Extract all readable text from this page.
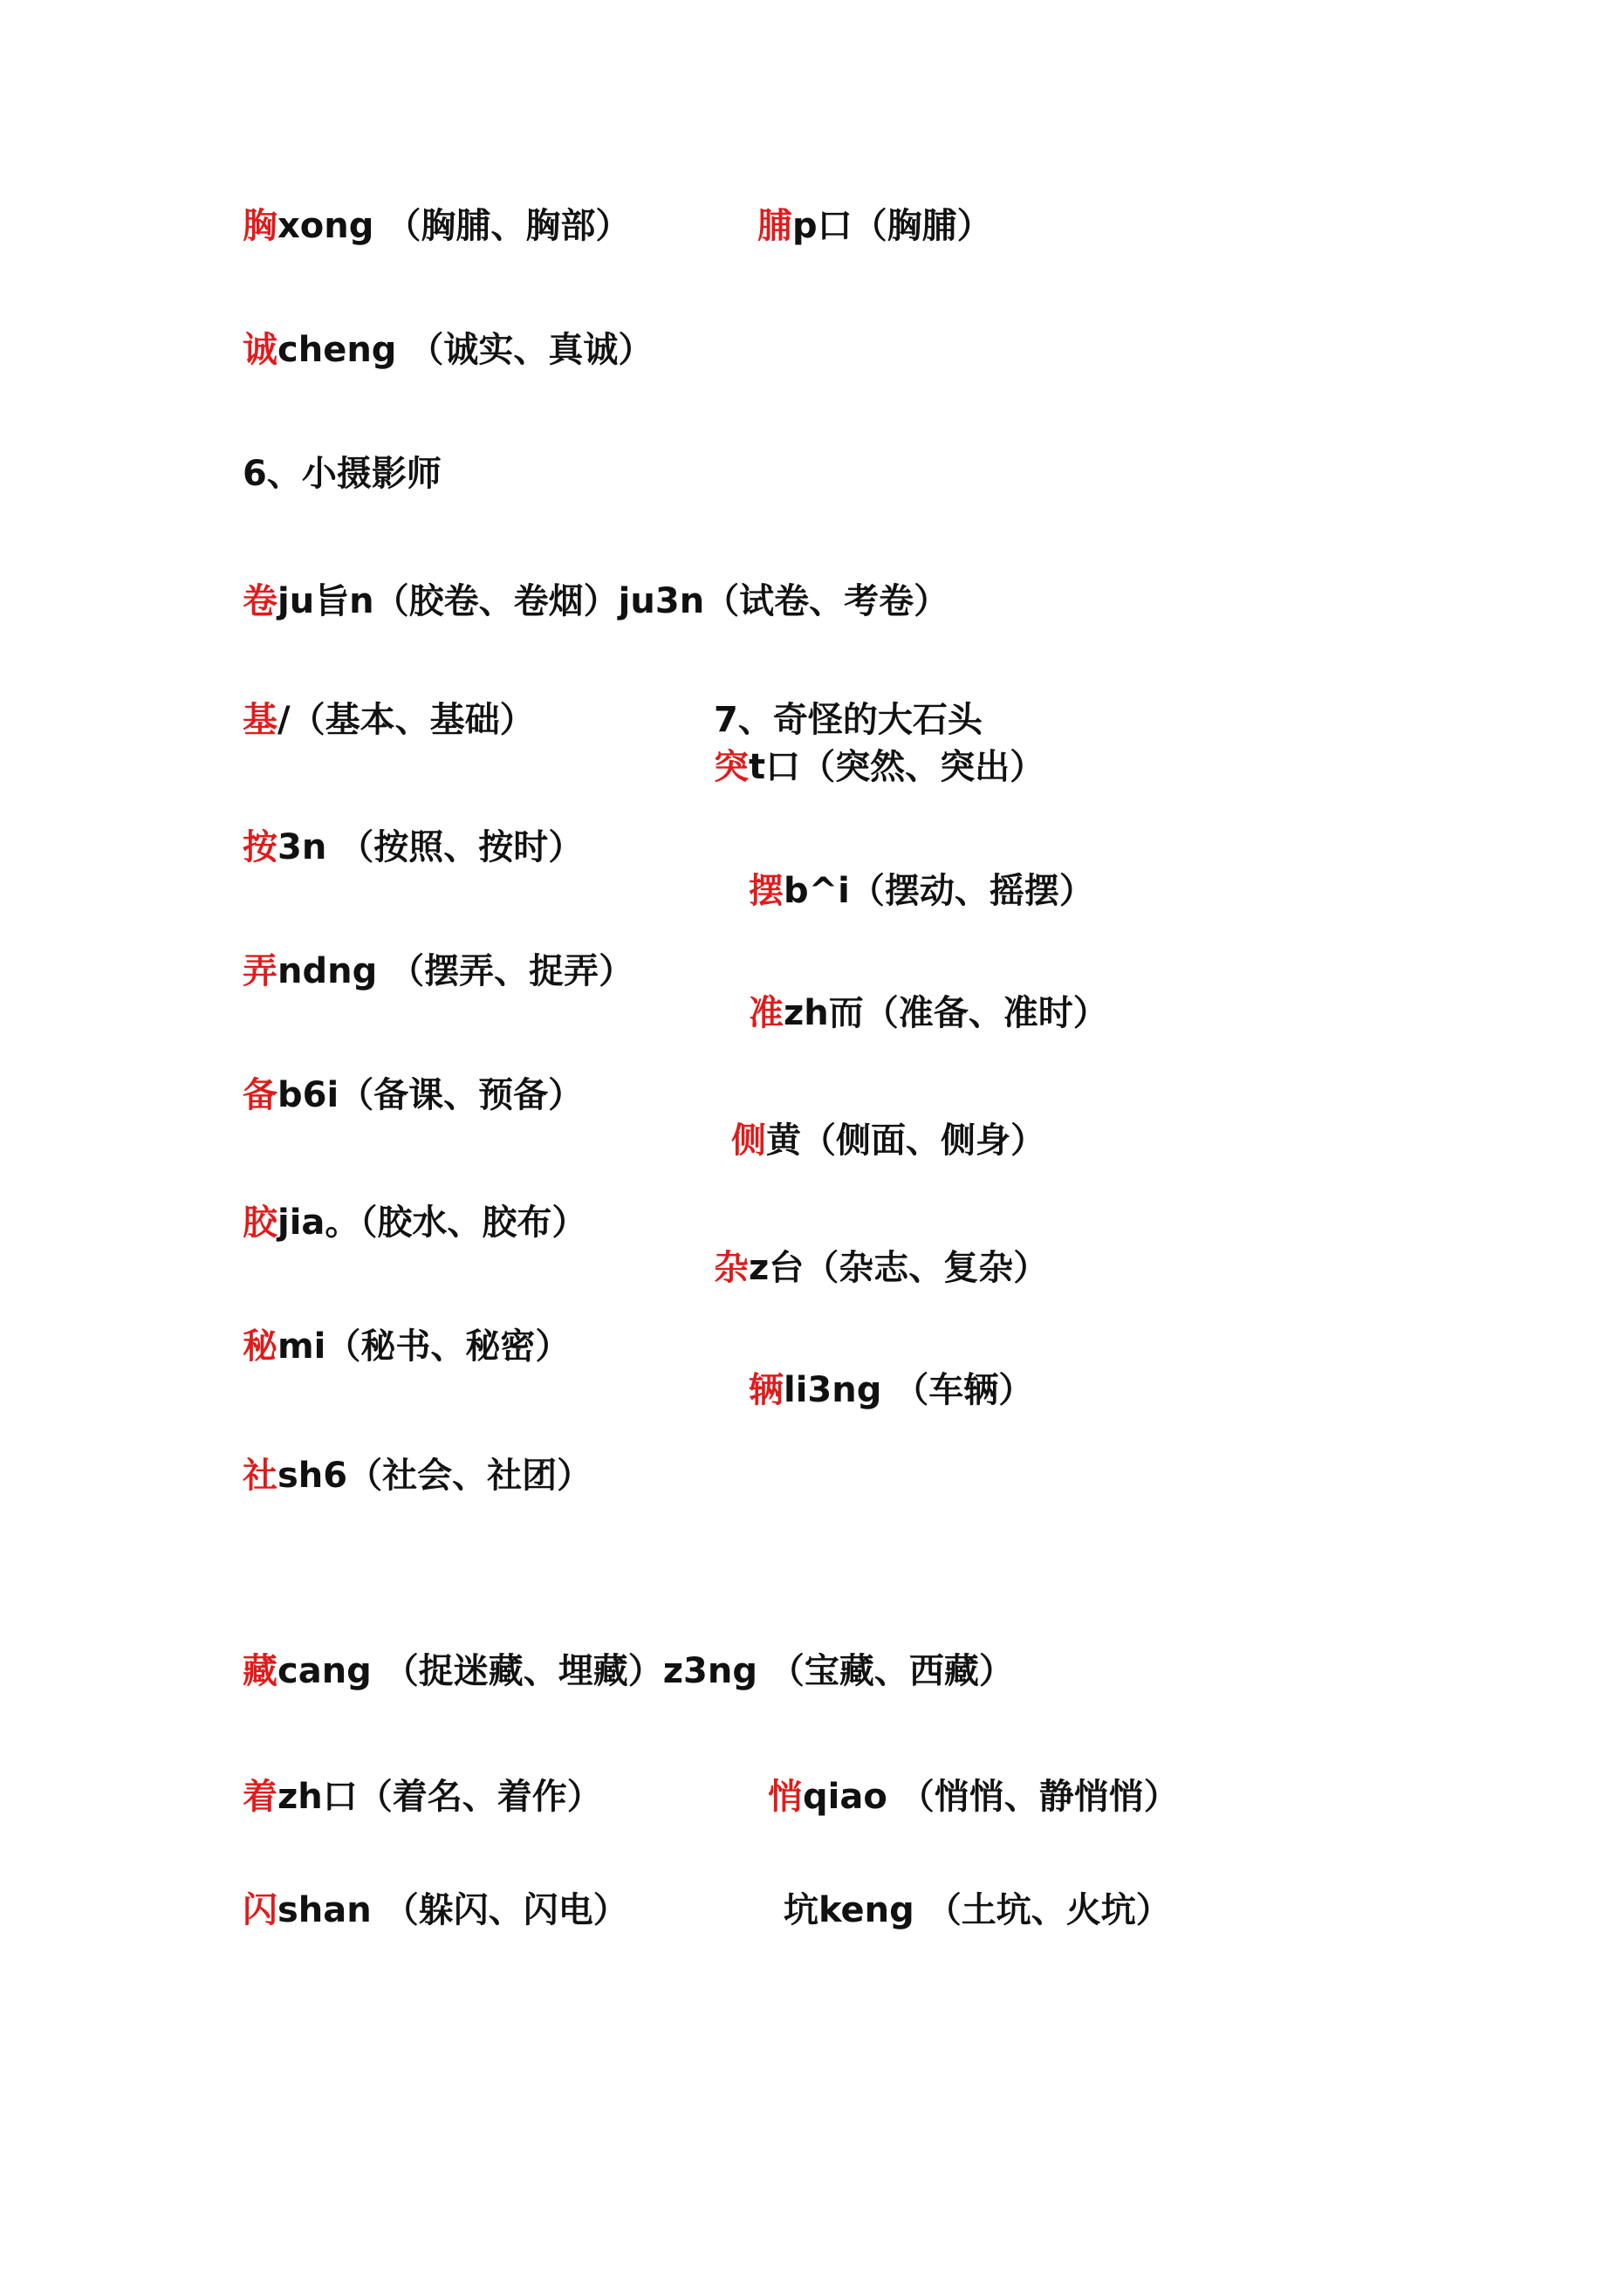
胸xong （胸脯、胸部）	脯p口（胸脯）
诚cheng （诚实、真诚）
6、小摄影师
卷ju旨n（胶卷、卷烟）ju3n（试卷、考卷）
基/（基本、基础）	7、奇怪的大石头
突t口（突然、突出）
按3n （按照、按时）
摆b^i（摆动、摇摆）
弄ndng （摆弄、捉弄）
准zh而（准备、准时）
备b6i（备课、预备）
侧黄（侧面、侧身）
胶jia。（胶水、胶布）
杂z台（杂志、复杂）
秘mi（秘书、秘密）
辆li3ng （车辆）
社sh6（社会、社团）
藏cang （捉迷藏、埋藏）z3ng （宝藏、西藏）
着zh口（着名、着作）	悄qiao （悄悄、静悄悄）
闪shan （躲闪、闪电）	坑keng （土坑、火坑）
